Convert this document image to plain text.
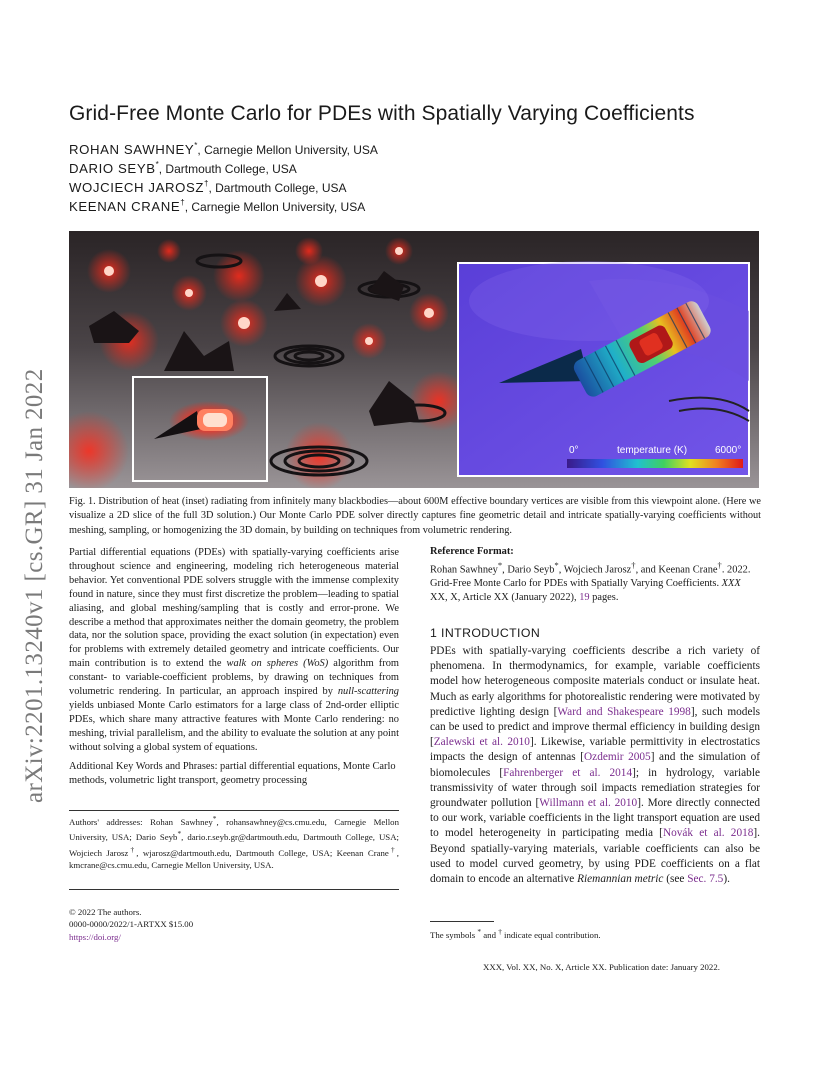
Grid-Free Monte Carlo for PDEs with Spatially Varying Coefficients
ROHAN SAWHNEY*, Carnegie Mellon University, USA
DARIO SEYB*, Dartmouth College, USA
WOJCIECH JAROSZ†, Dartmouth College, USA
KEENAN CRANE†, Carnegie Mellon University, USA
arXiv:2201.13240v1 [cs.GR] 31 Jan 2022	0°	temperature (K)	6000°
Fig. 1. Distribution of heat (inset) radiating from infinitely many blackbodies—about 600M effective boundary vertices are visible from this viewpoint alone. (Here we visualize a 2D slice of the full 3D solution.) Our Monte Carlo PDE solver directly captures fine geometric detail and intricate spatially-varying coefficients without meshing, sampling, or homogenizing the 3D domain, by building on techniques from volumetric rendering.
Partial differential equations (PDEs) with spatially-varying coefficients arise throughout science and engineering, modeling rich heterogeneous material behavior. Yet conventional PDE solvers struggle with the immense complexity found in nature, since they must first discretize the problem—leading to spatial aliasing, and global meshing/sampling that is costly and error-prone. We describe a method that approximates neither the domain geometry, the problem data, nor the solution space, providing the exact solution (in expectation) even for problems with extremely detailed geometry and intricate coefficients. Our main contribution is to extend the walk on spheres (WoS) algorithm from constant- to variable-coefficient problems, by drawing on techniques from volumetric rendering. In particular, an approach inspired by null-scattering yields unbiased Monte Carlo estimators for a large class of 2nd-order elliptic PDEs, which share many attractive features with Monte Carlo rendering: no meshing, trivial parallelism, and the ability to evaluate the solution at any point without solving a global system of equations.
Additional Key Words and Phrases: partial differential equations, Monte Carlo methods, volumetric light transport, geometry processing
Authors' addresses: Rohan Sawhney*, rohansawhney@cs.cmu.edu, Carnegie Mellon University, USA; Dario Seyb*, dario.r.seyb.gr@dartmouth.edu, Dartmouth College, USA; Wojciech Jarosz†, wjarosz@dartmouth.edu, Dartmouth College, USA; Keenan Crane†, kmcrane@cs.cmu.edu, Carnegie Mellon University, USA.
© 2022 The authors.
0000-0000/2022/1-ARTXX $15.00
https://doi.org/
Reference Format:
Rohan Sawhney*, Dario Seyb*, Wojciech Jarosz†, and Keenan Crane†. 2022. Grid-Free Monte Carlo for PDEs with Spatially Varying Coefficients. XXX XX, X, Article XX (January 2022), 19 pages.
1 INTRODUCTION
PDEs with spatially-varying coefficients describe a rich variety of phenomena. In thermodynamics, for example, variable coefficients model how heterogeneous composite materials conduct or insulate heat. Much as early algorithms for photorealistic rendering were motivated by predictive lighting design [Ward and Shakespeare 1998], such models can be used to predict and improve thermal efficiency in building design [Zalewski et al. 2010]. Likewise, variable permittivity in electrostatics impacts the design of antennas [Ozdemir 2005] and the simulation of biomolecules [Fahrenberger et al. 2014]; in hydrology, variable transmissivity of water through soil impacts remediation strategies for groundwater pollution [Willmann et al. 2010]. More directly connected to our work, variable coefficients in the light transport equation are used to model heterogeneity in participating media [Novák et al. 2018]. Beyond spatially-varying materials, variable coefficients can also be used to model curved geometry, by using PDE coefficients on a flat domain to encode an alternative Riemannian metric (see Sec. 7.5).
The symbols * and † indicate equal contribution.
XXX, Vol. XX, No. X, Article XX. Publication date: January 2022.
